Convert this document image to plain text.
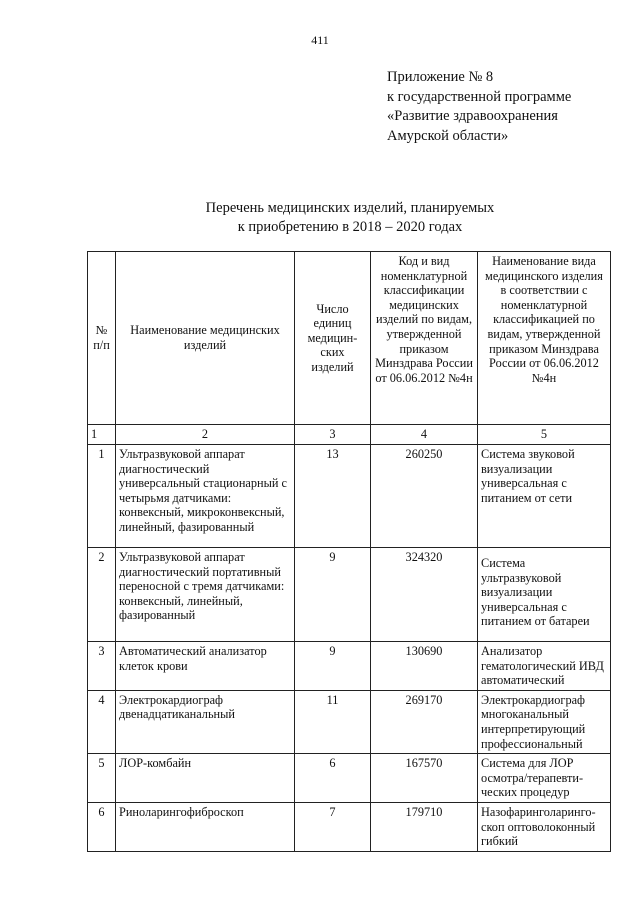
411
Приложение № 8
к государственной программе
«Развитие здравоохранения
Амурской области»
Перечень медицинских изделий, планируемых
к приобретению в 2018 – 2020 годах
№ п/п	Наименование медицинских изделий	Число единиц медицин-ских изделий	Код и вид номенклатурной классификации медицинских изделий по видам, утвержденной приказом Минздрава России от 06.06.2012 №4н	Наименование вида медицинского изделия в соответствии с номенклатурной классификацией по видам, утвержденной приказом Минздрава России от 06.06.2012 №4н
1	2	3	4	5
1	Ультразвуковой аппарат диагностический универсальный стационарный с четырьмя датчиками: конвексный, микроконвексный, линейный, фазированный	13	260250	Система звуковой визуализации универсальная с питанием от сети
2	Ультразвуковой аппарат диагностический портативный переносной с тремя датчиками: конвексный, линейный, фазированный	9	324320	Система ультразвуковой визуализации универсальная с питанием от батареи
3	Автоматический анализатор клеток крови	9	130690	Анализатор гематологический ИВД автоматический
4	Электрокардиограф двенадцатиканальный	11	269170	Электрокардиограф многоканальный интерпретирующий профессиональный
5	ЛОР-комбайн	6	167570	Система для ЛОР осмотра/терапевти-ческих процедур
6	Риноларингофиброскоп	7	179710	Назофаринголаринго-скоп оптоволоконный гибкий
